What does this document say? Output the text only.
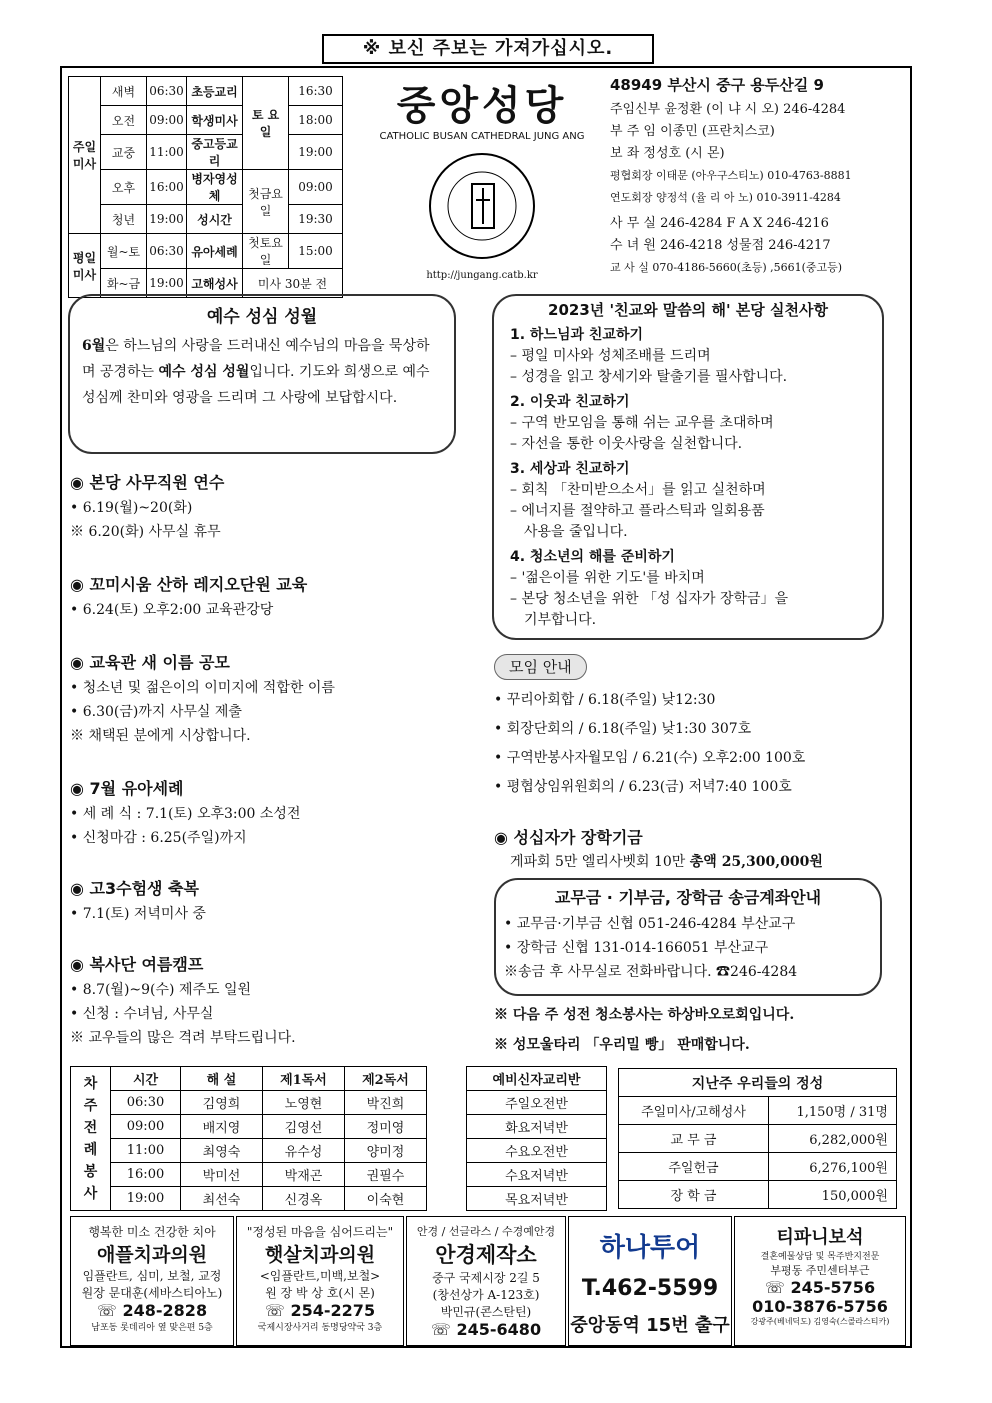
※ 보신 주보는 가져가십시오.
주일 미사	새벽	06:30	초등교리	토 요 일	16:30
	오전	09:00	학생미사		18:00
	교중	11:00	중고등교리		19:00
	오후	16:00	병자영성체	첫금요일	09:00
	청년	19:00	성시간		19:30
평일 미사	월~토	06:30	유아세례	첫토요일	15:00
	화~금	19:00	고해성사	미사 30분 전	
중앙성당
CATHOLIC BUSAN CATHEDRAL JUNG ANG
http://jungang.catb.kr
48949 부산시 중구 용두산길 9
주임신부 윤정환 (이 냐 시 오) 246-4284
부 주 임 이종민 (프란치스코)
보 좌 정성호 (시 몬)
평협회장 이태문 (아우구스티노) 010-4763-8881
연도회장 양정석 (율 리 아 노) 010-3911-4284
사 무 실 246-4284 F A X 246-4216
수 녀 원 246-4218 성물점 246-4217
교 사 실 070-4186-5660(초등) ,5661(중고등)
예수 성심 성월
6월은 하느님의 사랑을 드러내신 예수님의 마음을 묵상하며 공경하는 예수 성심 성월입니다. 기도와 희생으로 예수 성심께 찬미와 영광을 드리며 그 사랑에 보답합시다.
2023년 '친교와 말씀의 해' 본당 실천사항
1. 하느님과 친교하기
– 평일 미사와 성체조배를 드리며
– 성경을 읽고 창세기와 탈출기를 필사합니다.
2. 이웃과 친교하기
– 구역 반모임을 통해 쉬는 교우를 초대하며
– 자선을 통한 이웃사랑을 실천합니다.
3. 세상과 친교하기
– 회칙 「찬미받으소서」를 읽고 실천하며
– 에너지를 절약하고 플라스틱과 일회용품
사용을 줄입니다.
4. 청소년의 해를 준비하기
– '젊은이를 위한 기도'를 바치며
– 본당 청소년을 위한 「성 십자가 장학금」을
기부합니다.
◉ 본당 사무직원 연수
• 6.19(월)~20(화)
※ 6.20(화) 사무실 휴무
◉ 꼬미시움 산하 레지오단원 교육
• 6.24(토) 오후2:00 교육관강당
◉ 교육관 새 이름 공모
• 청소년 및 젊은이의 이미지에 적합한 이름
• 6.30(금)까지 사무실 제출
※ 채택된 분에게 시상합니다.
◉ 7월 유아세례
• 세 례 식 : 7.1(토) 오후3:00 소성전
• 신청마감 : 6.25(주일)까지
◉ 고3수험생 축복
• 7.1(토) 저녁미사 중
◉ 복사단 여름캠프
• 8.7(월)~9(수) 제주도 일원
• 신청 : 수녀님, 사무실
※ 교우들의 많은 격려 부탁드립니다.
모임 안내
• 꾸리아회합 / 6.18(주일) 낮12:30
• 회장단회의 / 6.18(주일) 낮1:30 307호
• 구역반봉사자월모임 / 6.21(수) 오후2:00 100호
• 평협상임위원회의 / 6.23(금) 저녁7:40 100호
◉ 성십자가 장학기금
게파회 5만 엘리사벳회 10만 총액 25,300,000원
교무금 · 기부금, 장학금 송금계좌안내
• 교무금·기부금 신협 051-246-4284 부산교구
• 장학금 신협 131-014-166051 부산교구
※송금 후 사무실로 전화바랍니다. ☎246-4284
※ 다음 주 성전 청소봉사는 하상바오로회입니다.
※ 성모울타리 「우리밀 빵」 판매합니다.
차 주 전 례 봉 사	시간	해 설	제1독서	제2독서
	06:30	김영희	노영현	박진희
	09:00	배지영	김영선	정미영
	11:00	최영숙	유수성	양미정
	16:00	박미선	박재곤	권필수
	19:00	최선숙	신경옥	이숙현
예비신자교리반
주일오전반
화요저녁반
수요오전반
수요저녁반
목요저녁반
지난주 우리들의 정성	
주일미사/고해성사	1,150명 / 31명
교 무 금	6,282,000원
주일헌금	6,276,100원
장 학 금	150,000원
행복한 미소 건강한 치아
애플치과의원
임플란트, 심미, 보철, 교정
원장 문대훈(세바스티아노)
☏ 248-2828
남포동 롯데리아 옆 맞은편 5층
"정성된 마음을 심어드리는"
햇살치과의원
<임플란트,미백,보철>
원 장 박 상 호(시 몬)
☏ 254-2275
국제시장사거리 동명당약국 3층
안경 / 선글라스 / 수경예안경
안경제작소
중구 국제시장 2길 5
(창선상가 A-123호)
박민규(콘스탄틴)
☏ 245-6480
하나투어
T.462-5599
중앙동역 15번 출구
티파니보석
결혼예물상담 및 목주반지전문
부평동 주민센터부근
☏ 245-5756
010-3876-5756
강광주(베네딕도) 김영숙(스콜라스티카)
